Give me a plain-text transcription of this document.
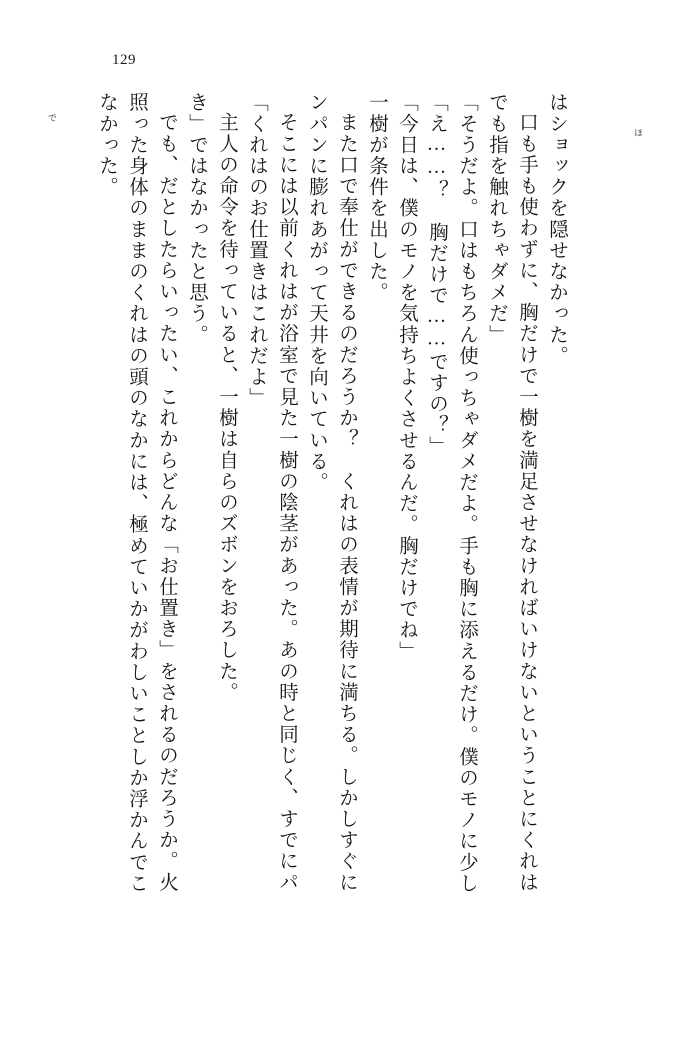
129
なかった。 照った身体のままのくれはの頭のなかには、極めていかがわしいことしか浮かんでこ でも、だとしたらいったい、これからどんな「お仕置き」をされるのだろうか。火 き」ではなかったと思う。 主人の命令を待っていると、一樹は自らのズボンをおろした。 「くれはのお仕置きはこれだよ」 そこには以前くれはが浴室で見た一樹の陰茎があった。あの時と同じく、すでにパ ンパンに膨れあがって天井を向いている。 また口で奉仕ができるのだろうか？　くれはの表情が期待に満ちる。しかしすぐに 一樹が条件を出した。 「今日は、僕のモノを気持ちよくさせるんだ。胸だけでね」 「え……？　胸だけで……ですの？」 「そうだよ。口はもちろん使っちゃダメだよ。手も胸に添えるだけ。僕のモノに少し でも指を触れちゃダメだ」 口も手も使わずに、胸だけで一樹を満足させなければいけないということにくれは はショックを隠せなかった。	ほ
で
